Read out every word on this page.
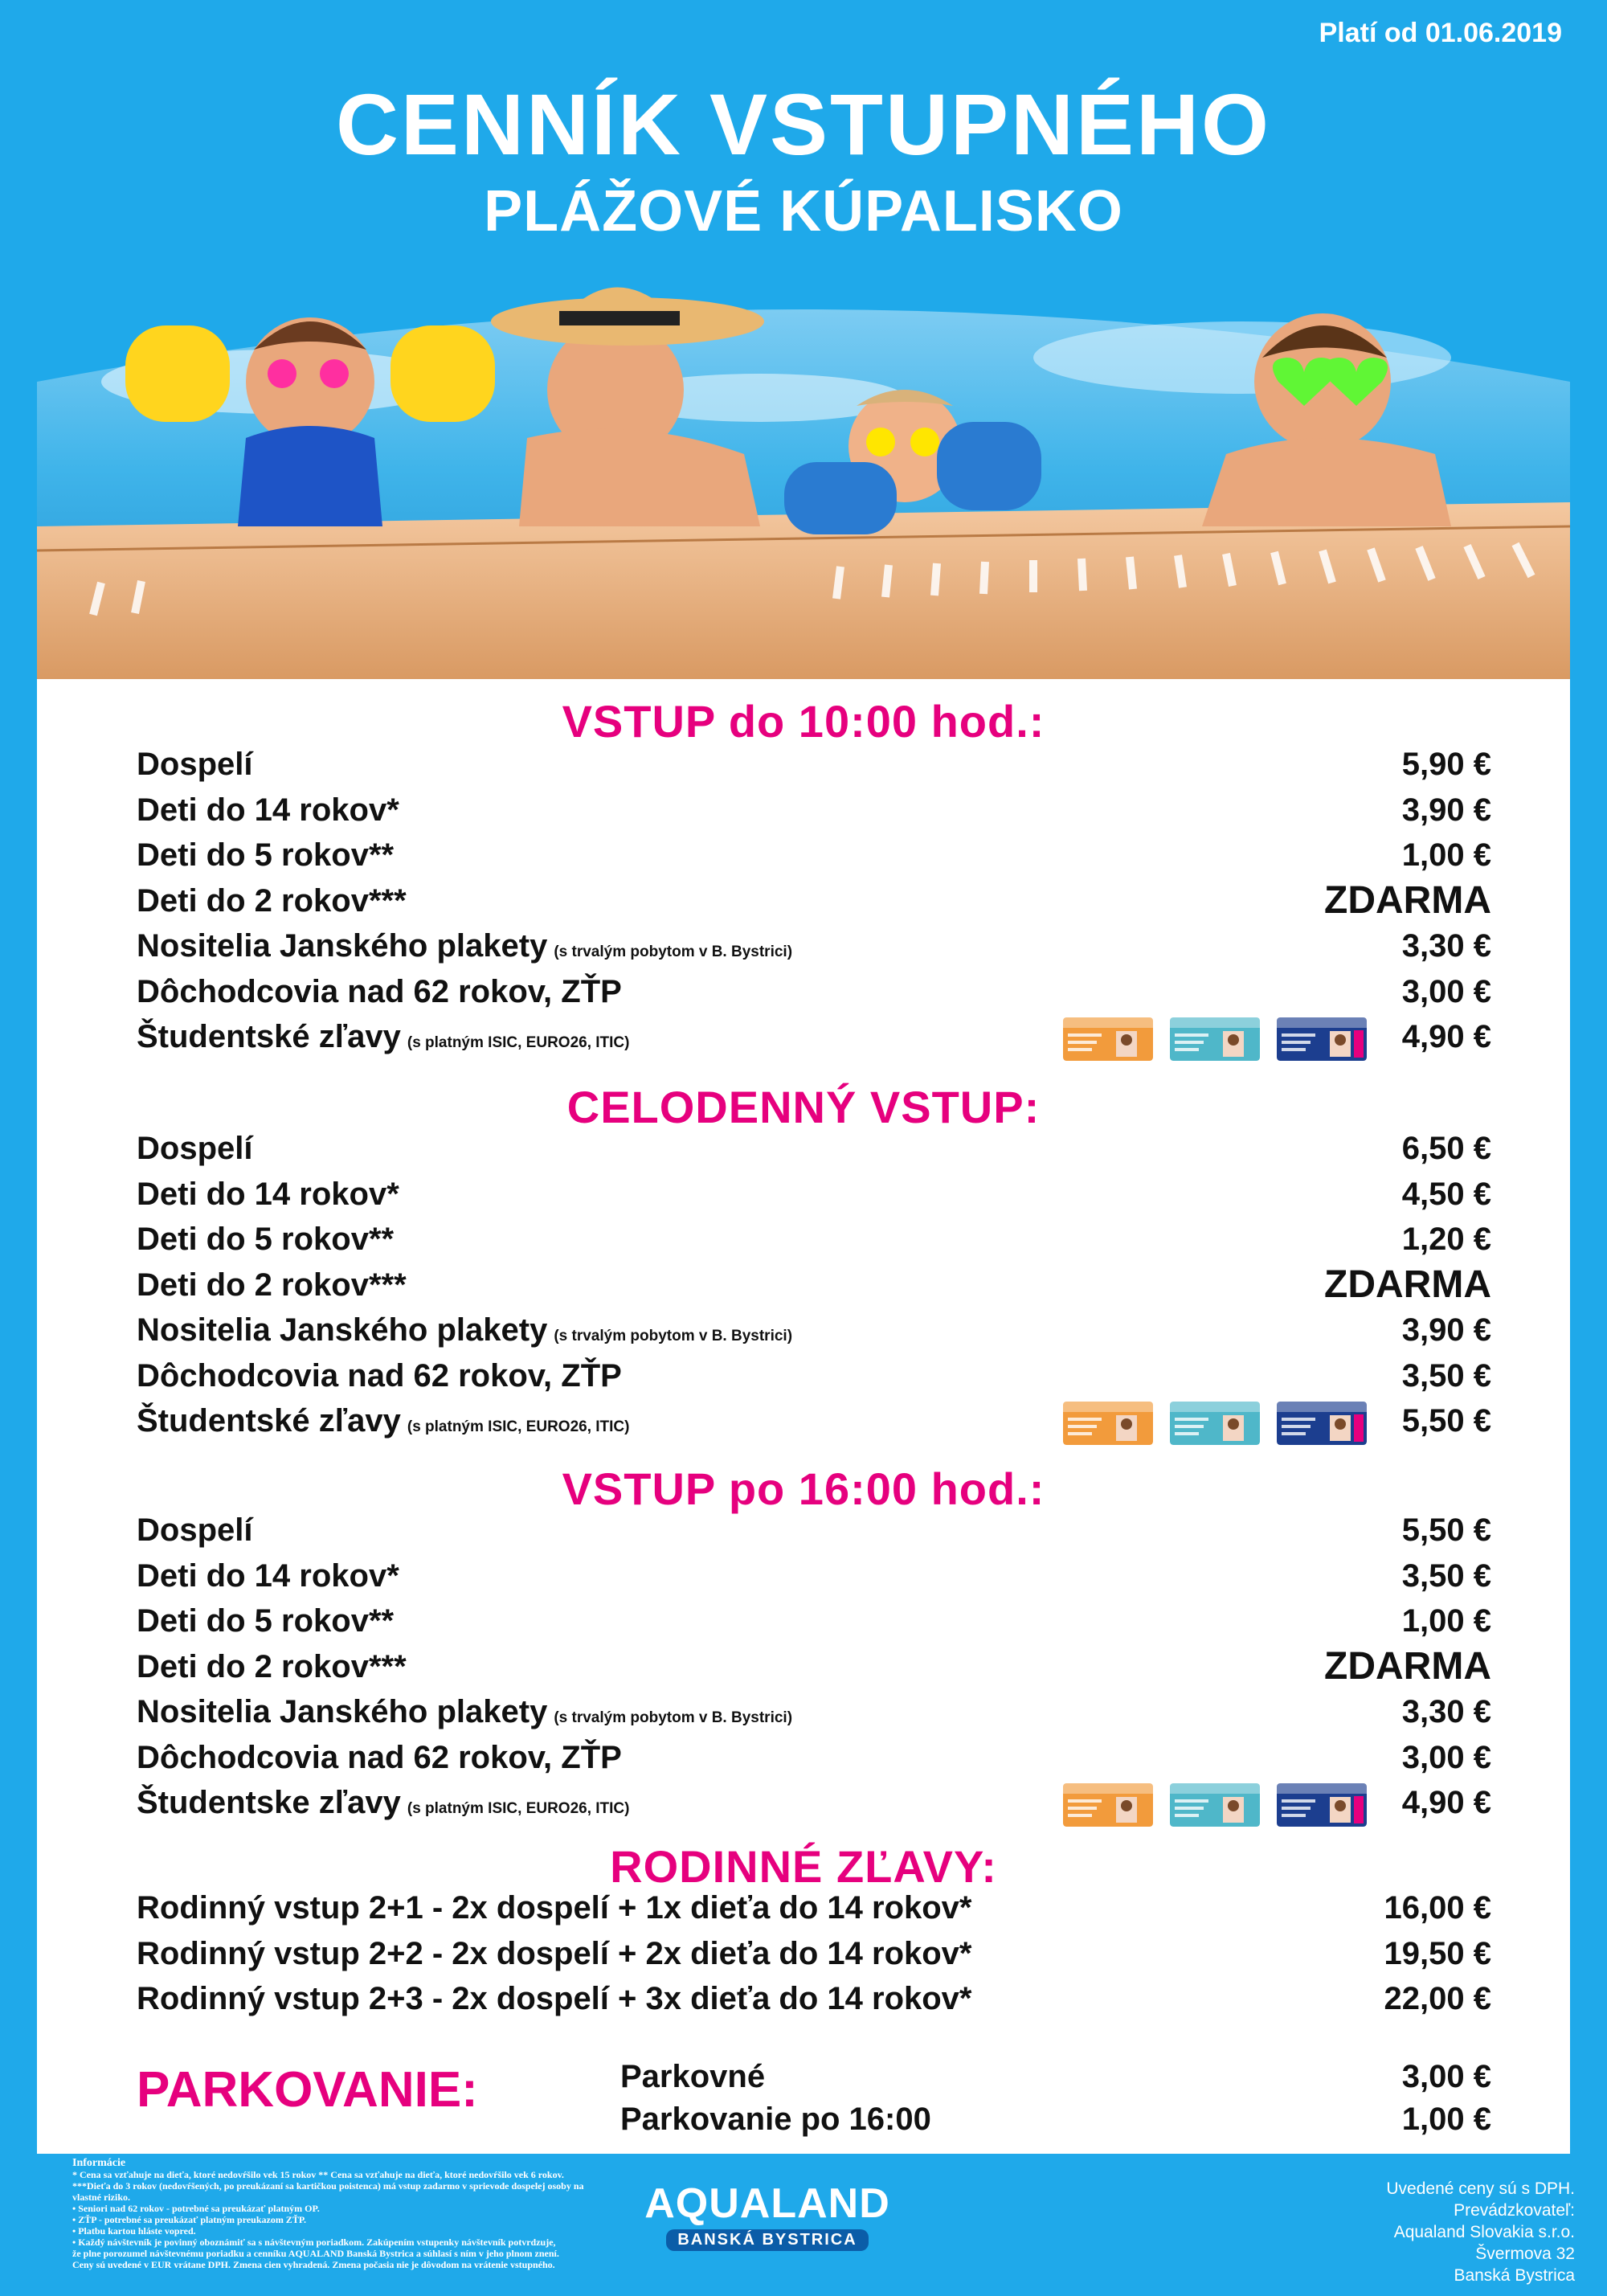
Platí od 01.06.2019
CENNÍK VSTUPNÉHO
PLÁŽOVÉ KÚPALISKO
VSTUP do 10:00 hod.:
Dospelí	5,90 €
Deti do 14 rokov*	3,90 €
Deti do 5 rokov**	1,00 €
Deti do 2 rokov***	ZDARMA
Nositelia Janského plakety (s trvalým pobytom v B. Bystrici)	3,30 €
Dôchodcovia nad 62 rokov, ZŤP	3,00 €
Študentské zľavy (s platným ISIC, EURO26, ITIC)	4,90 €
CELODENNÝ VSTUP:
Dospelí	6,50 €
Deti do 14 rokov*	4,50 €
Deti do 5 rokov**	1,20 €
Deti do 2 rokov***	ZDARMA
Nositelia Janského plakety (s trvalým pobytom v B. Bystrici)	3,90 €
Dôchodcovia nad 62 rokov, ZŤP	3,50 €
Študentské zľavy (s platným ISIC, EURO26, ITIC)	5,50 €
VSTUP po 16:00 hod.:
Dospelí	5,50 €
Deti do 14 rokov*	3,50 €
Deti do 5 rokov**	1,00 €
Deti do 2 rokov***	ZDARMA
Nositelia Janského plakety (s trvalým pobytom v B. Bystrici)	3,30 €
Dôchodcovia nad 62 rokov, ZŤP	3,00 €
Študentske zľavy (s platným ISIC, EURO26, ITIC)	4,90 €
RODINNÉ ZĽAVY:
Rodinný vstup 2+1 - 2x dospelí + 1x dieťa do 14 rokov*	16,00 €
Rodinný vstup 2+2 - 2x dospelí + 2x dieťa do 14 rokov*	19,50 €
Rodinný vstup 2+3 - 2x dospelí + 3x dieťa do 14 rokov*	22,00 €
PARKOVANIE:	Parkovné	3,00 €
Parkovanie po 16:00	1,00 €
Informácie
* Cena sa vzťahuje na dieťa, ktoré nedovŕšilo vek 15 rokov ** Cena sa vzťahuje na dieťa, ktoré nedovŕšilo vek 6 rokov.
***Dieťa do 3 rokov (nedovŕšených, po preukázaní sa kartičkou poistenca) má vstup zadarmo v sprievode dospelej osoby na vlastné riziko.
• Seniori nad 62 rokov - potrebné sa preukázať platným OP.
• ZŤP - potrebné sa preukázať platným preukazom ZŤP.
• Platbu kartou hláste vopred.
• Každý návštevník je povinný oboznámiť sa s návštevným poriadkom. Zakúpením vstupenky návštevník potvrdzuje,
že plne porozumel návštevnému poriadku a cenníku AQUALAND Banská Bystrica a súhlasí s ním v jeho plnom znení.
Ceny sú uvedené v EUR vrátane DPH. Zmena cien vyhradená. Zmena počasia nie je dôvodom na vrátenie vstupného.
AQUALAND
BANSKÁ BYSTRICA
Uvedené ceny sú s DPH.
Prevádzkovateľ:
Aqualand Slovakia s.r.o.
Švermova 32
Banská Bystrica
